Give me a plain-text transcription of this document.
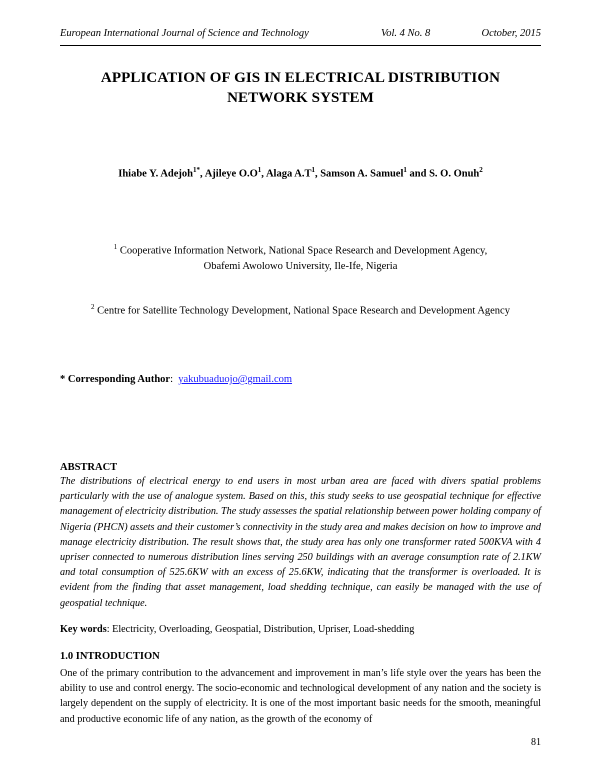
European International Journal of Science and Technology	Vol. 4 No. 8	October, 2015
APPLICATION OF GIS IN ELECTRICAL DISTRIBUTION
NETWORK SYSTEM
Ihiabe Y. Adejoh$^{1*}$, Ajileye $O.O^1$, Alaga $A.T^1$, Samson A. Samuel$^1$ and S. O. Onuh$^2$
$^1$ Cooperative Information Network, National Space Research and Development Agency,
Obafemi Awolowo University, Ile-Ife, Nigeria
$^2$ Centre for Satellite Technology Development, National Space Research and Development Agency
* Corresponding Author:  yakubuaduojo@gmail.com
ABSTRACT
The distributions of electrical energy to end users in most urban area are faced with divers spatial problems particularly with the use of analogue system. Based on this, this study seeks to use geospatial technique for effective management of electricity distribution. The study assesses the spatial relationship between power holding company of Nigeria (PHCN) assets and their customer’s connectivity in the study area and makes decision on how to improve and manage electricity distribution. The result shows that, the study area has only one transformer rated 500KVA with 4 upriser connected to numerous distribution lines serving 250 buildings with an average consumption rate of 2.1KW and total consumption of 525.6KW with an excess of 25.6KW, indicating that the transformer is overloaded. It is evident from the finding that asset management, load shedding technique, can easily be managed with the use of geospatial technique.
Key words: Electricity, Overloading, Geospatial, Distribution, Upriser, Load-shedding
1.0 INTRODUCTION
One of the primary contribution to the advancement and improvement in man’s life style over the years has been the ability to use and control energy. The socio-economic and technological development of any nation and the society is largely dependent on the supply of electricity. It is one of the most important basic needs for the smooth, meaningful and productive economic life of any nation, as the growth of the economy of
81
